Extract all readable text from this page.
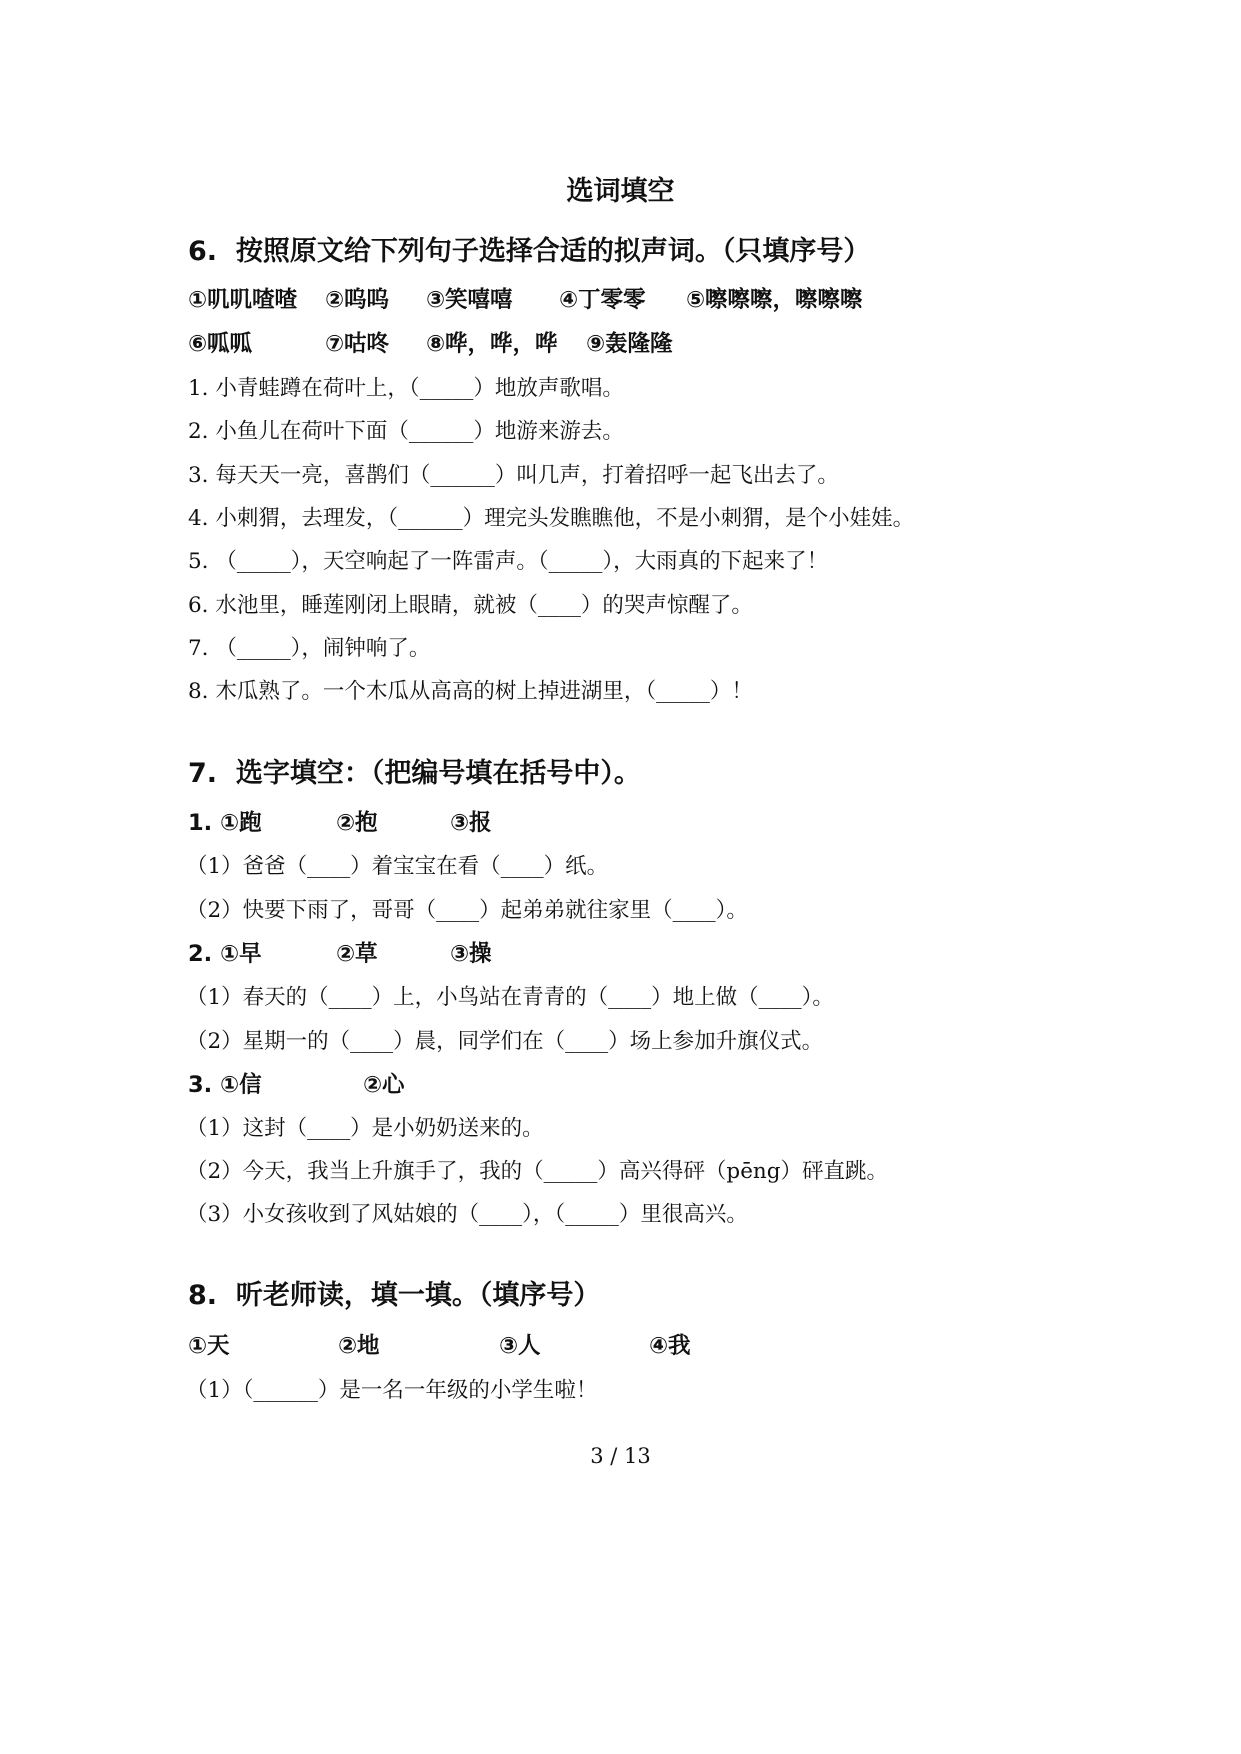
选词填空
6.  按照原文给下列句子选择合适的拟声词。（只填序号）

①叽叽喳喳

②呜呜

③笑嘻嘻

④丁零零

⑤嚓嚓嚓，嚓嚓嚓

⑥呱呱

	⑦咕咚

⑧哗，哗，哗

⑨轰隆隆

1. 小青蛙蹲在荷叶上，（_____）地放声歌唱。
2. 小鱼儿在荷叶下面（______）地游来游去。
3. 每天天一亮，喜鹊们（______）叫几声，打着招呼一起飞出去了。
4. 小刺猬，去理发，（______）理完头发瞧瞧他，不是小刺猬，是个小娃娃。
5. （_____），天空响起了一阵雷声。（_____），大雨真的下起来了！
6. 水池里，睡莲刚闭上眼睛，就被（____）的哭声惊醒了。
7. （_____），闹钟响了。
8. 木瓜熟了。一个木瓜从高高的树上掉进湖里，（_____）！
7.  选字填空：（把编号填在括号中）。

1. ①跑

	②抱

	③报

（1）爸爸（____）着宝宝在看（____）纸。
（2）快要下雨了，哥哥（____）起弟弟就往家里（____）。

2. ①早

	②草

	③操

（1）春天的（____）上，小鸟站在青青的（____）地上做（____）。
（2）星期一的（____）晨，同学们在（____）场上参加升旗仪式。

3. ①信

	②心

（1）这封（____）是小奶奶送来的。
（2）今天，我当上升旗手了，我的（_____）高兴得砰（pēng）砰直跳。
（3）小女孩收到了风姑娘的（____），（_____）里很高兴。
8.  听老师读，填一填。（填序号）

①天

	②地

	③人

	④我

（1）（______）是一名一年级的小学生啦！
3 / 13
